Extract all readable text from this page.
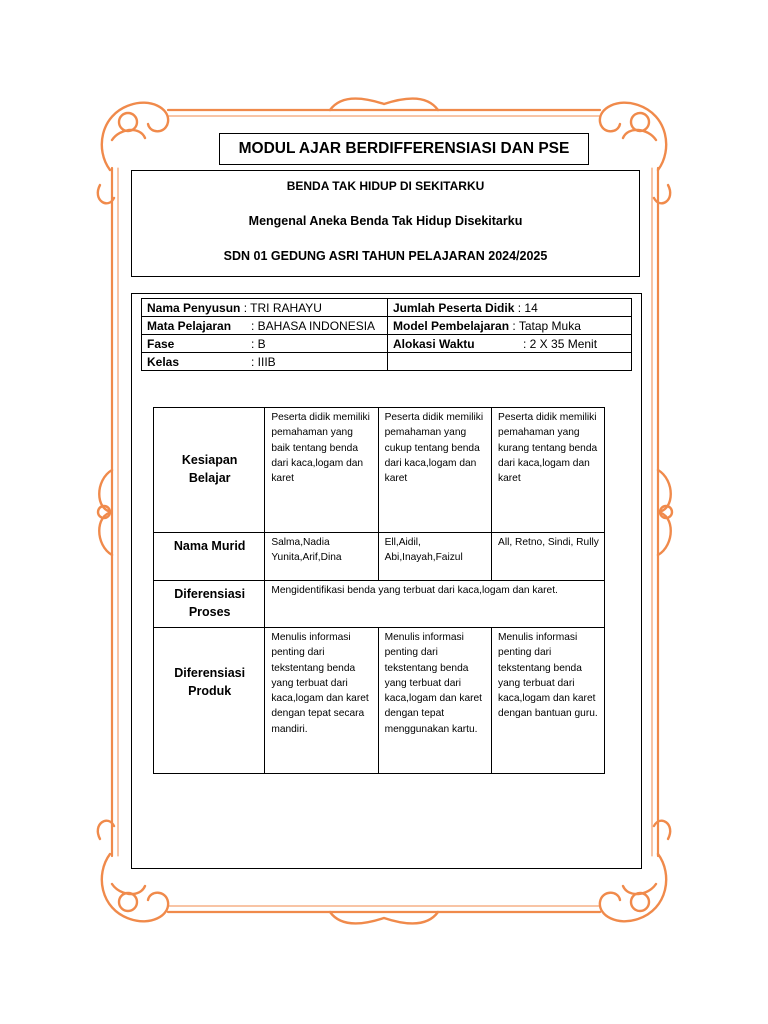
MODUL AJAR BERDIFFERENSIASI DAN PSE
BENDA TAK HIDUP DI SEKITARKU
Mengenal Aneka Benda Tak Hidup Disekitarku
SDN 01 GEDUNG ASRI TAHUN PELAJARAN 2024/2025
Nama Penyusun : TRI RAHAYU	Jumlah Peserta Didik : 14
Mata Pelajaran : BAHASA INDONESIA	Model Pembelajaran : Tatap Muka
Fase : B	Alokasi Waktu : 2 X 35 Menit
Kelas : IIIB	
Kesiapan Belajar	Peserta didik memiliki pemahaman yang baik tentang benda dari kaca,logam dan karet	Peserta didik memiliki pemahaman yang cukup tentang benda dari kaca,logam dan karet	Peserta didik memiliki pemahaman yang kurang tentang benda dari kaca,logam dan karet
Nama Murid	Salma,Nadia Yunita,Arif,Dina	Ell,Aidil, Abi,Inayah,Faizul	All, Retno, Sindi, Rully
Diferensiasi Proses	Mengidentifikasi benda yang terbuat dari kaca,logam dan karet.		
Diferensiasi Produk	Menulis informasi penting dari tekstentang benda yang terbuat dari kaca,logam dan karet dengan tepat secara mandiri.	Menulis informasi penting dari tekstentang benda yang terbuat dari kaca,logam dan karet dengan tepat menggunakan kartu.	Menulis informasi penting dari tekstentang benda yang terbuat dari kaca,logam dan karet dengan bantuan guru.
